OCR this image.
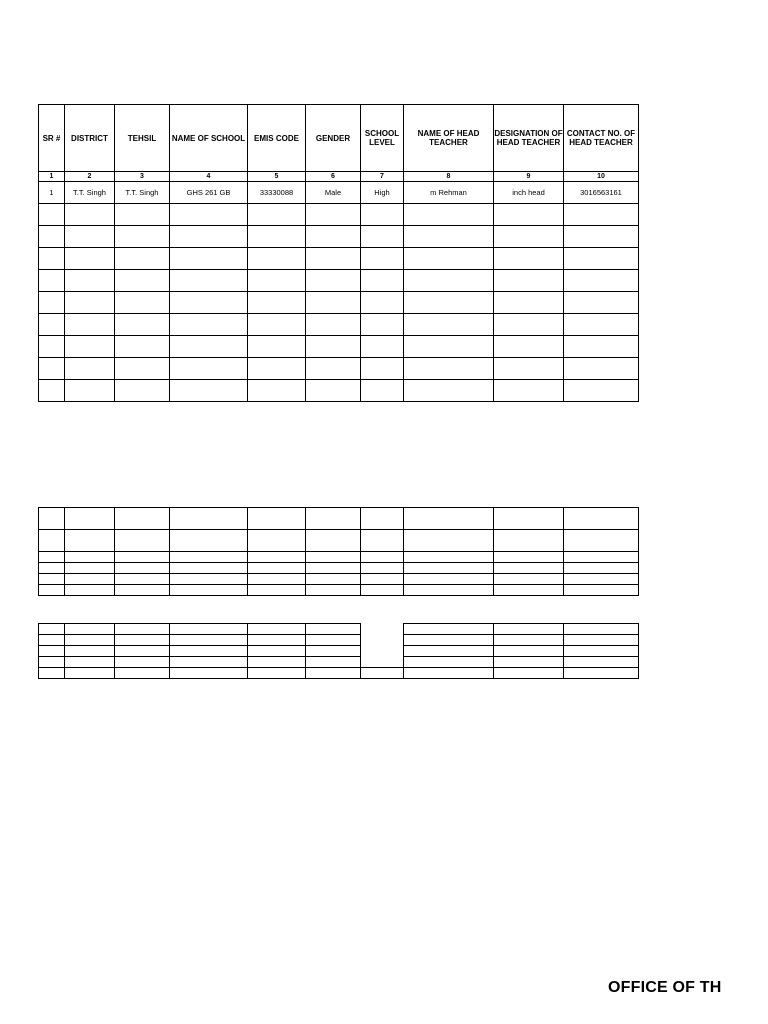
SR #	DISTRICT	TEHSIL	NAME OF SCHOOL	EMIS CODE	GENDER	SCHOOL LEVEL	NAME OF HEAD TEACHER	DESIGNATION OF HEAD TEACHER	CONTACT NO. OF HEAD TEACHER
1	2	3	4	5	6	7	8	9	10
1	T.T. Singh	T.T. Singh	GHS 261 GB	33330088	Male	High	m Rehman	inch head	3016563161

OFFICE OF TH
